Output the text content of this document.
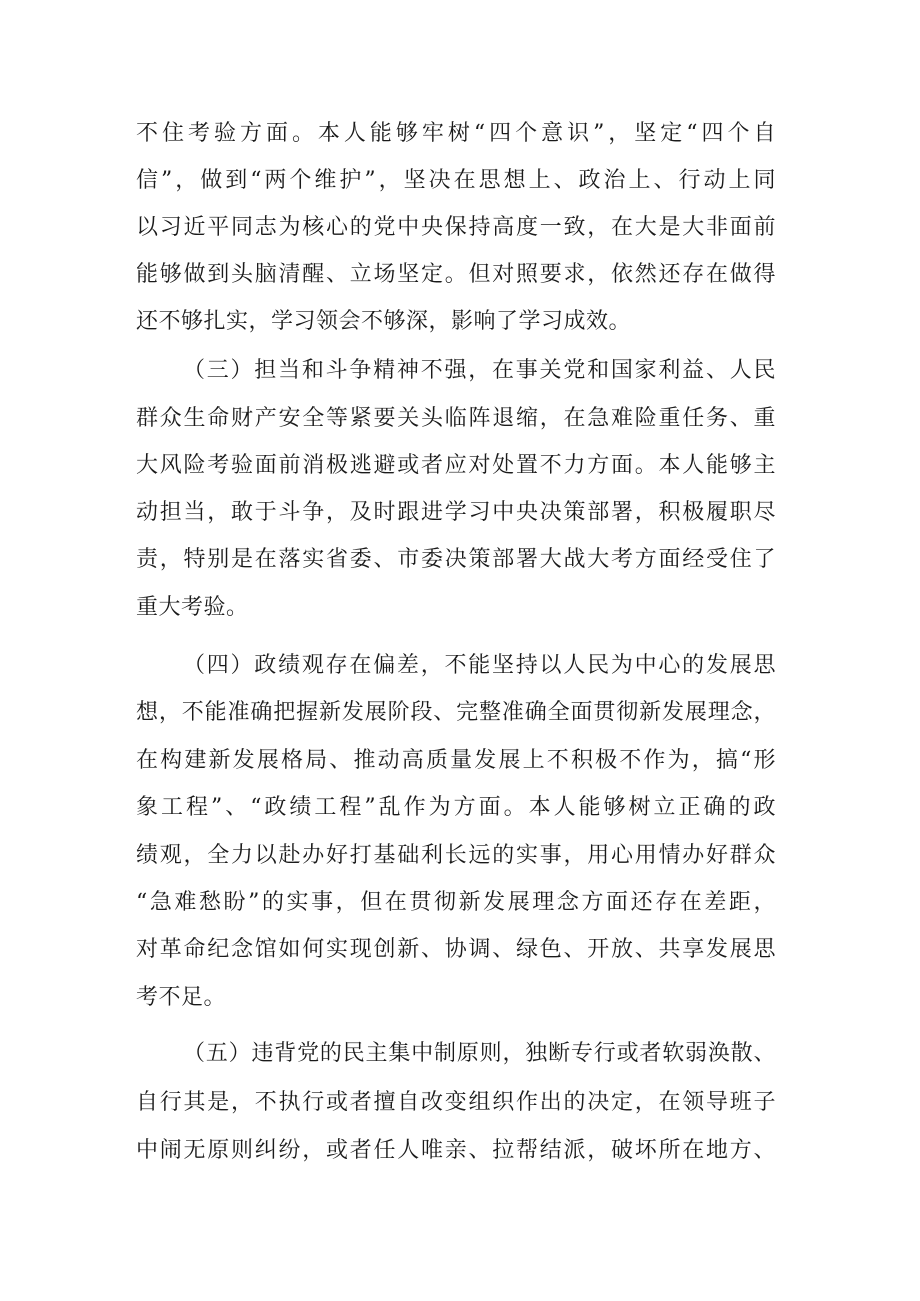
不住考验方面。本人能够牢树“四个意识”，坚定“四个自
信”，做到“两个维护”，坚决在思想上、政治上、行动上同
以习近平同志为核心的党中央保持高度一致，在大是大非面前
能够做到头脑清醒、立场坚定。但对照要求，依然还存在做得
还不够扎实，学习领会不够深，影响了学习成效。
（三）担当和斗争精神不强，在事关党和国家利益、人民
群众生命财产安全等紧要关头临阵退缩，在急难险重任务、重
大风险考验面前消极逃避或者应对处置不力方面。本人能够主
动担当，敢于斗争，及时跟进学习中央决策部署，积极履职尽
责，特别是在落实省委、市委决策部署大战大考方面经受住了
重大考验。
（四）政绩观存在偏差，不能坚持以人民为中心的发展思
想，不能准确把握新发展阶段、完整准确全面贯彻新发展理念，
在构建新发展格局、推动高质量发展上不积极不作为，搞“形
象工程”、“政绩工程”乱作为方面。本人能够树立正确的政
绩观，全力以赴办好打基础利长远的实事，用心用情办好群众
“急难愁盼”的实事，但在贯彻新发展理念方面还存在差距，
对革命纪念馆如何实现创新、协调、绿色、开放、共享发展思
考不足。
（五）违背党的民主集中制原则，独断专行或者软弱涣散、
自行其是，不执行或者擅自改变组织作出的决定，在领导班子
中闹无原则纠纷，或者任人唯亲、拉帮结派，破坏所在地方、
